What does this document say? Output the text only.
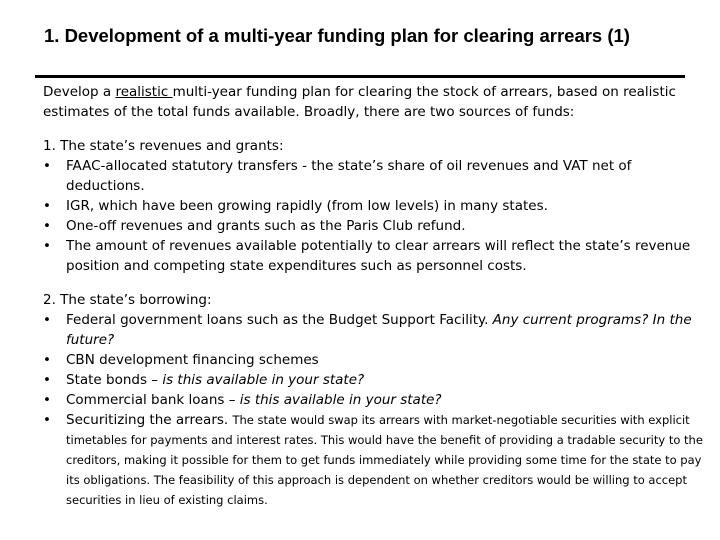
1. Development of a multi-year funding plan for clearing arrears (1)

Develop a realistic multi-year funding plan for clearing the stock of arrears, based on realistic estimates of the total funds available. Broadly, there are two sources of funds:

1. The state’s revenues and grants:

• FAAC-allocated statutory transfers - the state’s share of oil revenues and VAT net of deductions.
• IGR, which have been growing rapidly (from low levels) in many states.
• One-off revenues and grants such as the Paris Club refund.
• The amount of revenues available potentially to clear arrears will reflect the state’s revenue position and competing state expenditures such as personnel costs.

2. The state’s borrowing:

• Federal government loans such as the Budget Support Facility. Any current programs? In the future?
• CBN development financing schemes
• State bonds – is this available in your state?
• Commercial bank loans – is this available in your state?
• Securitizing the arrears. The state would swap its arrears with market-negotiable securities with explicit timetables for payments and interest rates. This would have the benefit of providing a tradable security to the creditors, making it possible for them to get funds immediately while providing some time for the state to pay its obligations. The feasibility of this approach is dependent on whether creditors would be willing to accept securities in lieu of existing claims.
